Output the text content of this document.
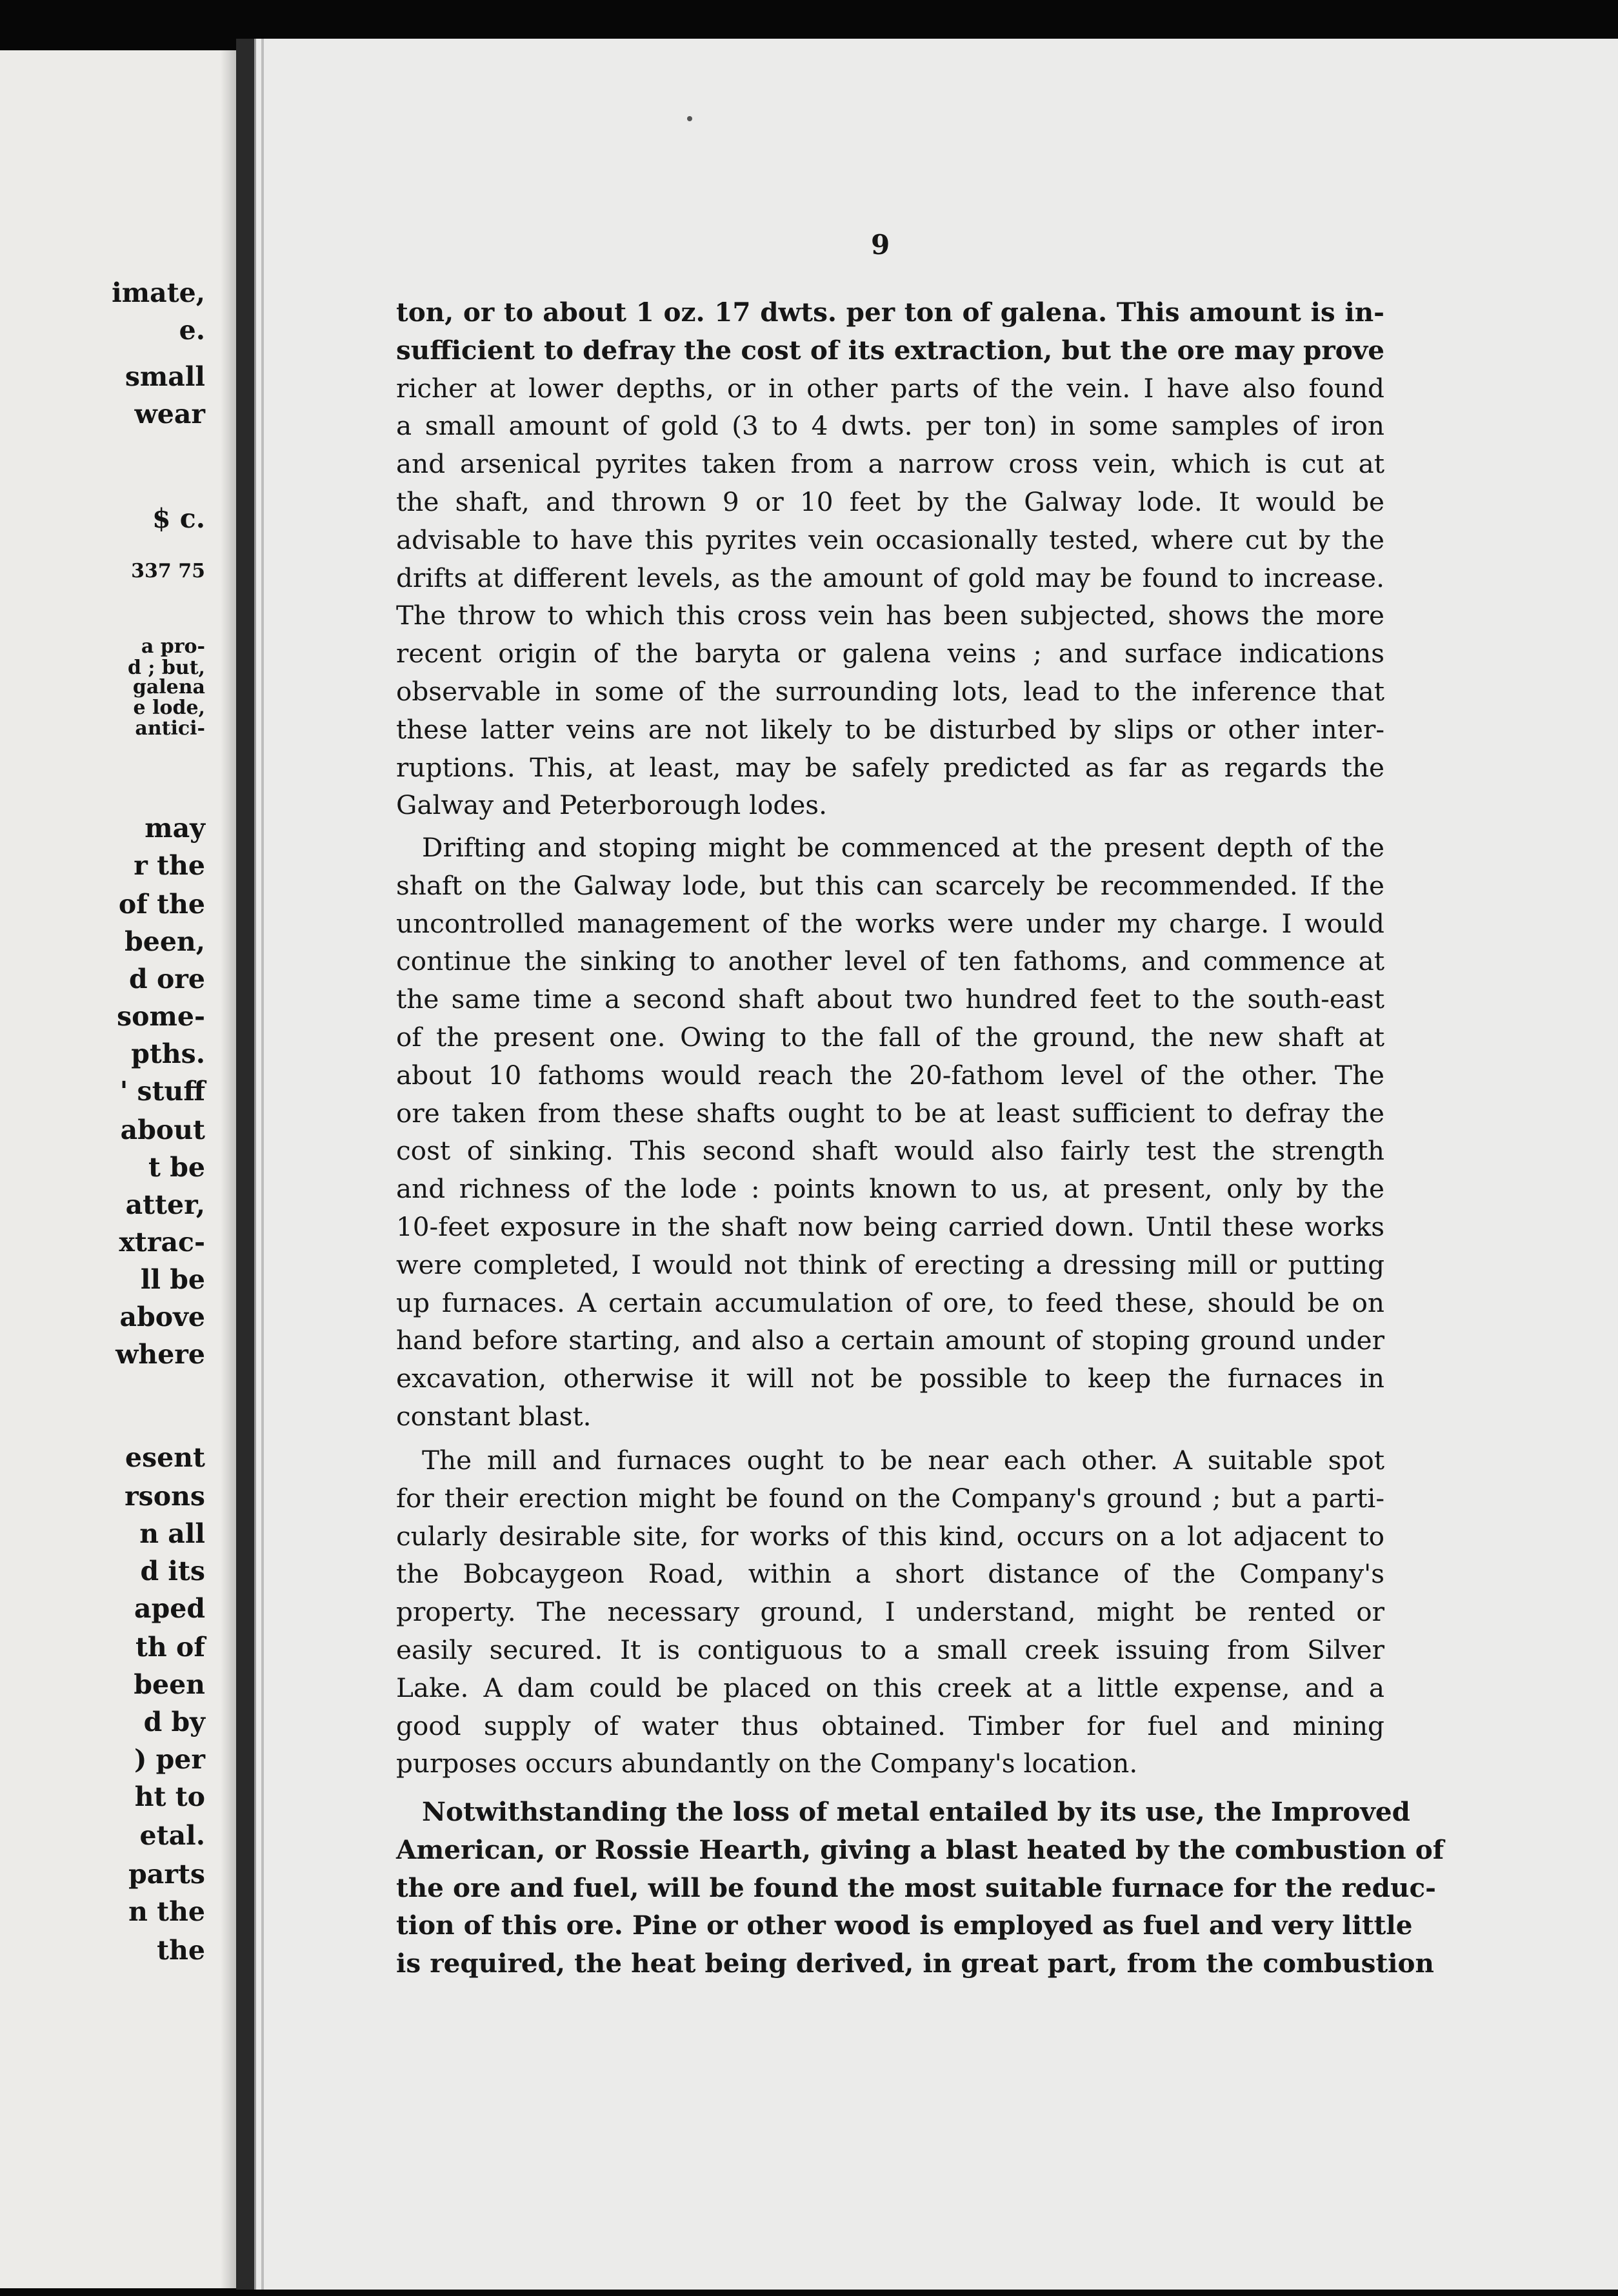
imate,
e.
small
wear
$ c.
337 75
a pro-
d ; but,
galena
e lode,
antici-
may
r the
of the
been,
d ore
some-
pths.
' stuff
about
t be
atter,
xtrac-
ll be
above
where
esent
rsons
n all
d its
aped
th of
been
d by
) per
ht to
etal.
parts
n the
the
9
ton, or to about 1 oz. 17 dwts. per ton of galena. This amount is in-
sufficient to defray the cost of its extraction, but the ore may prove
richer at lower depths, or in other parts of the vein. I have also found
a small amount of gold (3 to 4 dwts. per ton) in some samples of iron
and arsenical pyrites taken from a narrow cross vein, which is cut at
the shaft, and thrown 9 or 10 feet by the Galway lode. It would be
advisable to have this pyrites vein occasionally tested, where cut by the
drifts at different levels, as the amount of gold may be found to increase.
The throw to which this cross vein has been subjected, shows the more
recent origin of the baryta or galena veins ; and surface indications
observable in some of the surrounding lots, lead to the inference that
these latter veins are not likely to be disturbed by slips or other inter-
ruptions. This, at least, may be safely predicted as far as regards the
Galway and Peterborough lodes.
Drifting and stoping might be commenced at the present depth of the
shaft on the Galway lode, but this can scarcely be recommended. If the
uncontrolled management of the works were under my charge. I would
continue the sinking to another level of ten fathoms, and commence at
the same time a second shaft about two hundred feet to the south-east
of the present one. Owing to the fall of the ground, the new shaft at
about 10 fathoms would reach the 20-fathom level of the other. The
ore taken from these shafts ought to be at least sufficient to defray the
cost of sinking. This second shaft would also fairly test the strength
and richness of the lode : points known to us, at present, only by the
10-feet exposure in the shaft now being carried down. Until these works
were completed, I would not think of erecting a dressing mill or putting
up furnaces. A certain accumulation of ore, to feed these, should be on
hand before starting, and also a certain amount of stoping ground under
excavation, otherwise it will not be possible to keep the furnaces in
constant blast.
The mill and furnaces ought to be near each other. A suitable spot
for their erection might be found on the Company's ground ; but a parti-
cularly desirable site, for works of this kind, occurs on a lot adjacent to
the Bobcaygeon Road, within a short distance of the Company's
property. The necessary ground, I understand, might be rented or
easily secured. It is contiguous to a small creek issuing from Silver
Lake. A dam could be placed on this creek at a little expense, and a
good supply of water thus obtained. Timber for fuel and mining
purposes occurs abundantly on the Company's location.
Notwithstanding the loss of metal entailed by its use, the Improved
American, or Rossie Hearth, giving a blast heated by the combustion of
the ore and fuel, will be found the most suitable furnace for the reduc-
tion of this ore. Pine or other wood is employed as fuel and very little
is required, the heat being derived, in great part, from the combustion
